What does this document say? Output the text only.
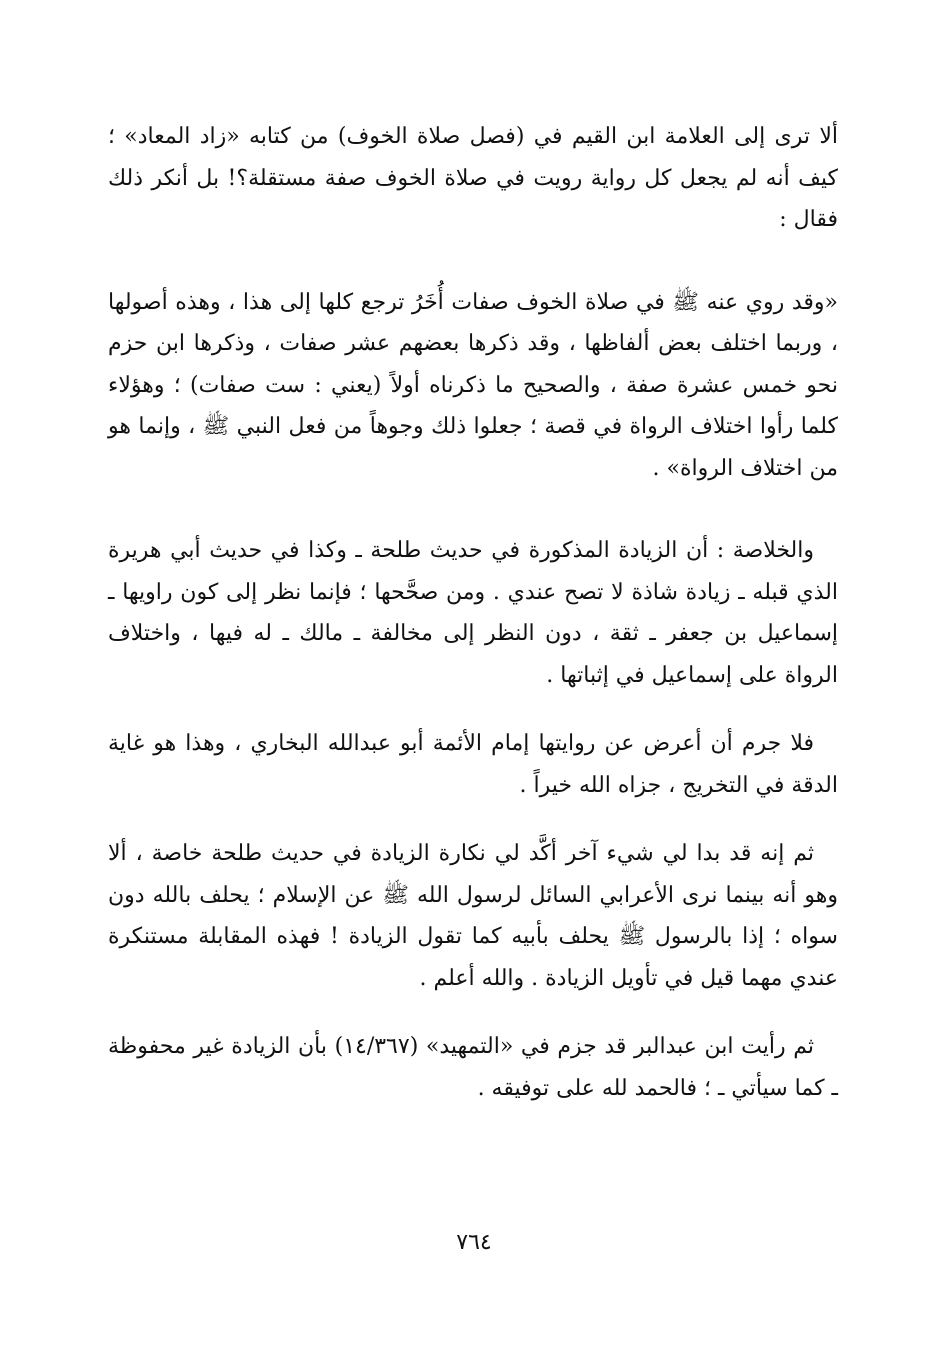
ألا ترى إلى العلامة ابن القيم في (فصل صلاة الخوف) من كتابه «زاد المعاد» ؛ كيف أنه لم يجعل كل رواية رويت في صلاة الخوف صفة مستقلة؟! بل أنكر ذلك فقال :

«وقد روي عنه ﷺ في صلاة الخوف صفات أُخَرُ ترجع كلها إلى هذا ، وهذه أصولها ، وربما اختلف بعض ألفاظها ، وقد ذكرها بعضهم عشر صفات ، وذكرها ابن حزم نحو خمس عشرة صفة ، والصحيح ما ذكرناه أولاً (يعني : ست صفات) ؛ وهؤلاء كلما رأوا اختلاف الرواة في قصة ؛ جعلوا ذلك وجوهاً من فعل النبي ﷺ ، وإنما هو من اختلاف الرواة» .

والخلاصة : أن الزيادة المذكورة في حديث طلحة ـ وكذا في حديث أبي هريرة الذي قبله ـ زيادة شاذة لا تصح عندي . ومن صحَّحها ؛ فإنما نظر إلى كون راويها ـ إسماعيل بن جعفر ـ ثقة ، دون النظر إلى مخالفة ـ مالك ـ له فيها ، واختلاف الرواة على إسماعيل في إثباتها .

فلا جرم أن أعرض عن روايتها إمام الأئمة أبو عبدالله البخاري ، وهذا هو غاية الدقة في التخريج ، جزاه الله خيراً .

ثم إنه قد بدا لي شيء آخر أكَّد لي نكارة الزيادة في حديث طلحة خاصة ، ألا وهو أنه بينما نرى الأعرابي السائل لرسول الله ﷺ عن الإسلام ؛ يحلف بالله دون سواه ؛ إذا بالرسول ﷺ يحلف بأبيه كما تقول الزيادة ! فهذه المقابلة مستنكرة عندي مهما قيل في تأويل الزيادة . والله أعلم .

ثم رأيت ابن عبدالبر قد جزم في «التمهيد» (١٤/٣٦٧) بأن الزيادة غير محفوظة ـ كما سيأتي ـ ؛ فالحمد لله على توفيقه .

٧٦٤
